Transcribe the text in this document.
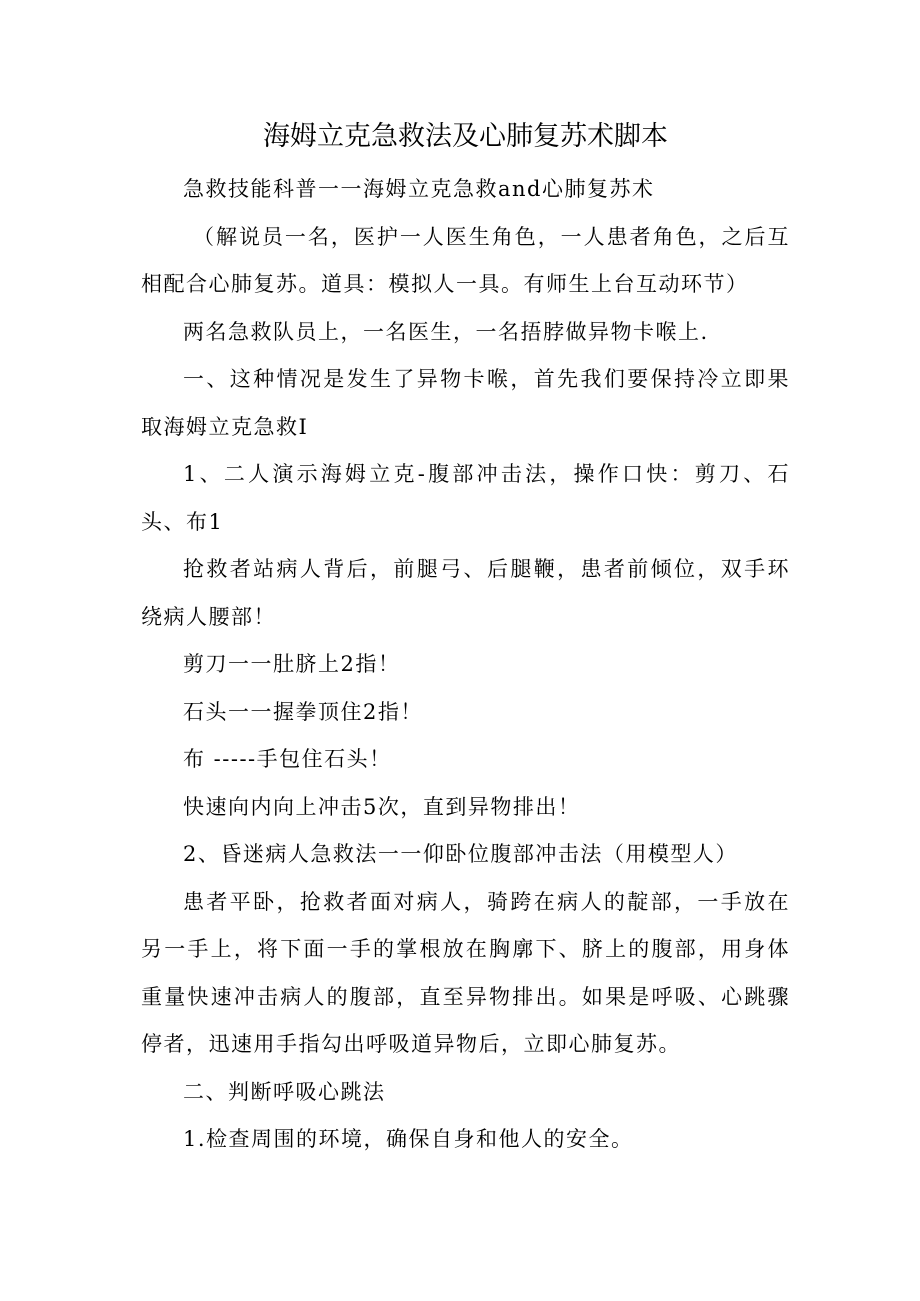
海姆立克急救法及心肺复苏术脚本

急救技能科普一一海姆立克急救and心肺复苏术

（解说员一名，医护一人医生角色，一人患者角色，之后互相配合心肺复苏。道具：模拟人一具。有师生上台互动环节）

两名急救队员上，一名医生，一名捂脖做异物卡喉上.

一、这种情况是发生了异物卡喉，首先我们要保持冷立即果取海姆立克急救I

1、二人演示海姆立克-腹部冲击法，操作口快：剪刀、石头、布1

抢救者站病人背后，前腿弓、后腿鞭，患者前倾位，双手环绕病人腰部！

剪刀一一肚脐上2指！

石头一一握拳顶住2指！

布 -----手包住石头！

快速向内向上冲击5次，直到异物排出！

2、昏迷病人急救法一一仰卧位腹部冲击法（用模型人）

患者平卧，抢救者面对病人，骑跨在病人的靛部，一手放在另一手上，将下面一手的掌根放在胸廓下、脐上的腹部，用身体重量快速冲击病人的腹部，直至异物排出。如果是呼吸、心跳骤停者，迅速用手指勾出呼吸道异物后，立即心肺复苏。

二、判断呼吸心跳法

1.检查周围的环境，确保自身和他人的安全。
